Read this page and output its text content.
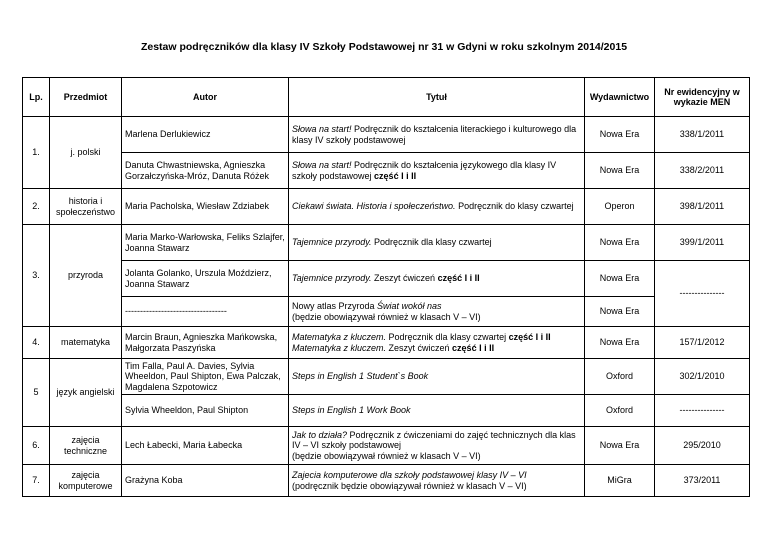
Zestaw podręczników dla klasy IV Szkoły Podstawowej nr 31 w Gdyni w roku szkolnym 2014/2015
Lp.	Przedmiot	Autor	Tytuł	Wydawnictwo	Nr ewidencyjny w wykazie MEN
1.	j. polski	Marlena Derlukiewicz	Słowa na start! Podręcznik do kształcenia literackiego i kulturowego dla klasy IV szkoły podstawowej	Nowa Era	338/1/2011
		Danuta Chwastniewska, Agnieszka Gorzałczyńska-Mróz, Danuta Różek	Słowa na start! Podręcznik do kształcenia językowego dla klasy IV szkoły podstawowej część I i II	Nowa Era	338/2/2011
2.	historia i społeczeństwo	Maria Pacholska, Wiesław Zdziabek	Ciekawi świata. Historia i społeczeństwo. Podręcznik do klasy czwartej	Operon	398/1/2011
3.	przyroda	Maria Marko-Warłowska, Feliks Szlajfer, Joanna Stawarz	Tajemnice przyrody. Podręcznik dla klasy czwartej	Nowa Era	399/1/2011
		Jolanta Golanko, Urszula Moździerz, Joanna Stawarz	Tajemnice przyrody. Zeszyt ćwiczeń część I i II	Nowa Era	---------------
		----------------------------------	Nowy atlas Przyroda Świat wokół nas
(będzie obowiązywał również w klasach V – VI)	Nowa Era	
4.	matematyka	Marcin Braun, Agnieszka Mańkowska, Małgorzata Paszyńska	Matematyka z kluczem. Podręcznik dla klasy czwartej część I i II
Matematyka z kluczem. Zeszyt ćwiczeń część I i II	Nowa Era	157/1/2012
5	język angielski	Tim Falla, Paul A. Davies, Sylvia Wheeldon, Paul Shipton, Ewa Palczak, Magdalena Szpotowicz	Steps in English 1 Student`s Book	Oxford	302/1/2010
		Sylvia Wheeldon, Paul Shipton	Steps in English 1 Work Book	Oxford	---------------
6.	zajęcia techniczne	Lech Łabecki, Maria Łabecka	Jak to działa? Podręcznik z ćwiczeniami do zajęć technicznych dla klas IV – VI szkoły podstawowej
(będzie obowiązywał również w klasach V – VI)	Nowa Era	295/2010
7.	zajęcia komputerowe	Grażyna Koba	Zajecia komputerowe dla szkoły podstawowej klasy IV – VI
(podręcznik będzie obowiązywał również w klasach V – VI)	MiGra	373/2011
